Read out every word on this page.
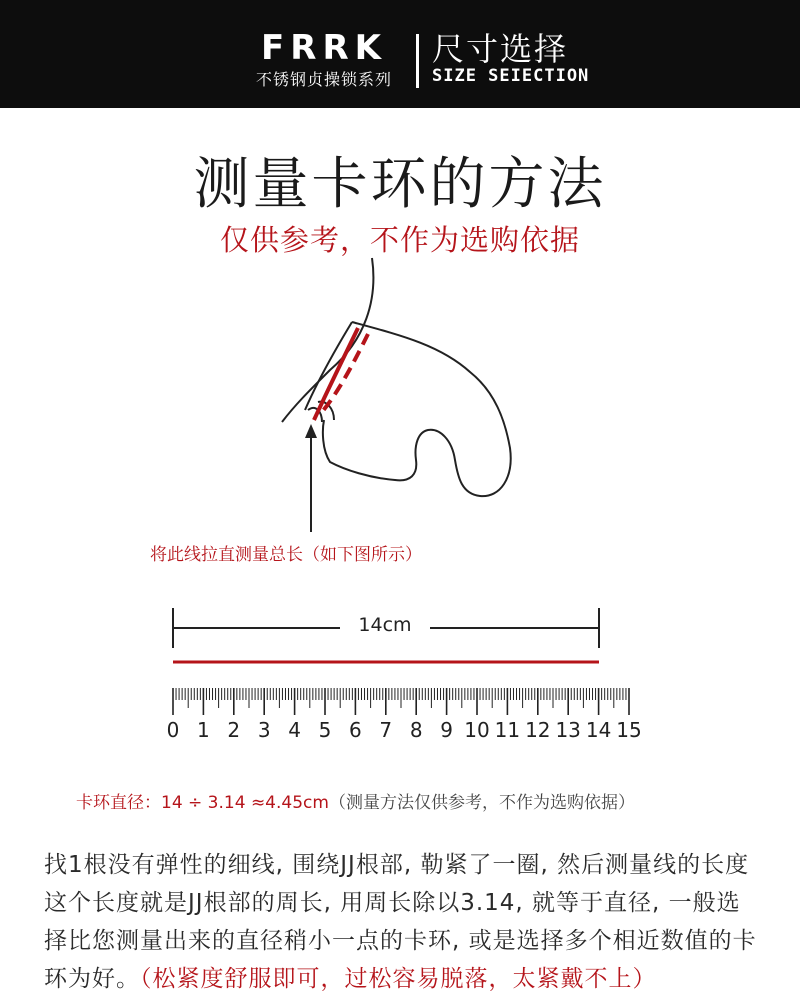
FRRK
不锈钢贞操锁系列
尺寸选择
SIZE SEIECTION
测量卡环的方法
仅供参考，不作为选购依据
将此线拉直测量总长（如下图所示）
14cm
0 1 2 3 4 5 6 7 8 9 10 11 12 13 14 15
卡环直径：14 ÷ 3.14 ≈4.45cm（测量方法仅供参考，不作为选购依据）
找1根没有弹性的细线, 围绕JJ根部, 勒紧了一圈, 然后测量线的长度这个长度就是JJ根部的周长, 用周长除以3.14, 就等于直径, 一般选择比您测量出来的直径稍小一点的卡环, 或是选择多个相近数值的卡环为好。（松紧度舒服即可，过松容易脱落，太紧戴不上）
